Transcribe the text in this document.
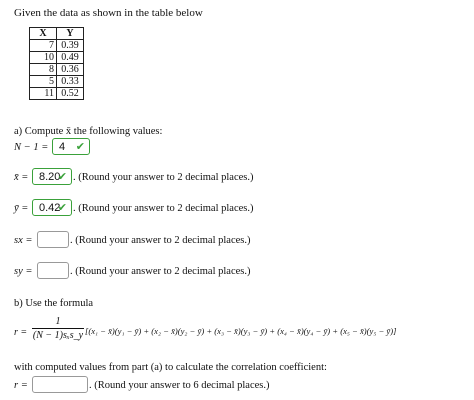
Given the data as shown in the table below
X	Y
7	0.39
10	0.49
8	0.36
5	0.33
11	0.52
a) Compute x̄ the following values:
N − 1 = 4 ✔
x̄ = 8.20
✔ . (Round your answer to 2 decimal places.)
ȳ = 0.42
✔ . (Round your answer to 2 decimal places.)
sx =	. (Round your answer to 2 decimal places.)
sy =	. (Round your answer to 2 decimal places.)
b) Use the formula
r =
1
(N − 1)sₓs_y [(x₁ − x̄)(y₁ − ȳ) + (x₂ − x̄)(y₂ − ȳ) + (x₃ − x̄)(y₃ − ȳ) + (x₄ − x̄)(y₄ − ȳ) + (x₅ − x̄)(y₅ − ȳ)]
with computed values from part (a) to calculate the correlation coefficient:
r =	. (Round your answer to 6 decimal places.)
